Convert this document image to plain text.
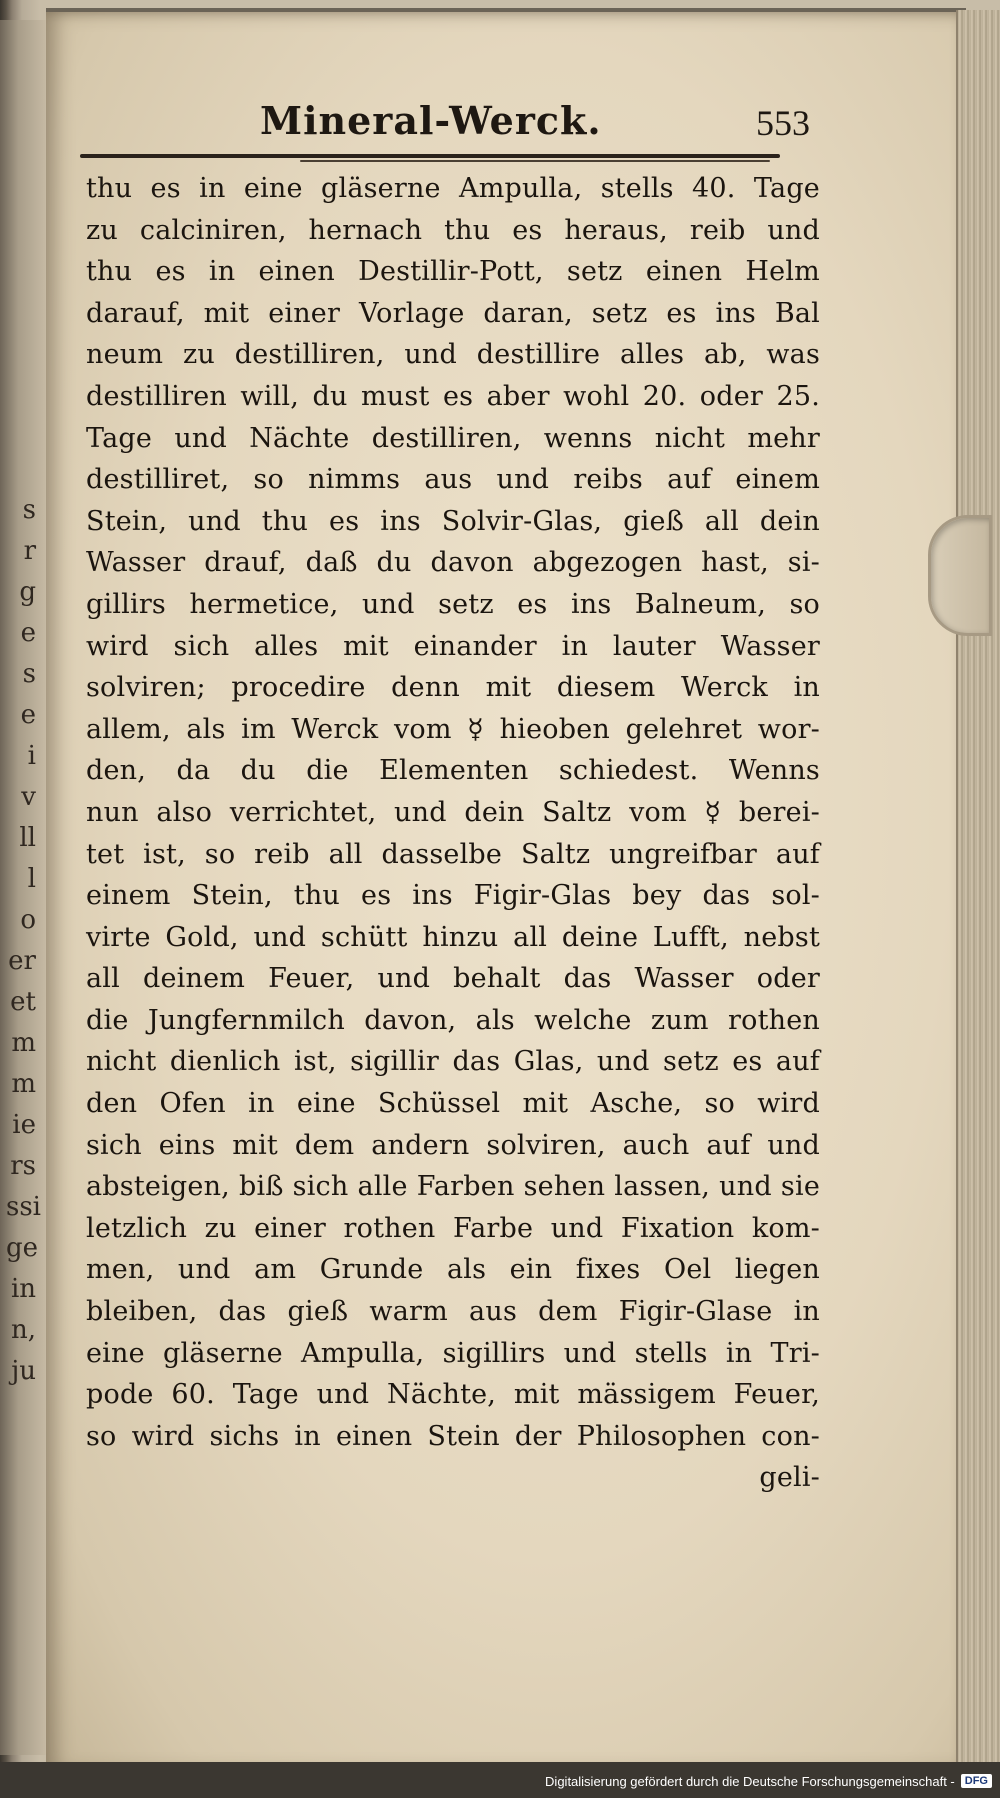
s
r
g
e
s
e
i
v
ll
l
o
er
et
m
m
ie
rs
ssi
ge
in
n,
ju
Mineral-Werck.	553
thu es in eine gläserne Ampulla, stells 40. Tage
zu calciniren, hernach thu es heraus, reib und
thu es in einen Destillir-Pott, setz einen Helm
darauf, mit einer Vorlage daran, setz es ins Bal
neum zu destilliren, und destillire alles ab, was
destilliren will, du must es aber wohl 20. oder 25.
Tage und Nächte destilliren, wenns nicht mehr
destilliret, so nimms aus und reibs auf einem
Stein, und thu es ins Solvir-Glas, gieß all dein
Wasser drauf, daß du davon abgezogen hast, si-
gillirs hermetice, und setz es ins Balneum, so
wird sich alles mit einander in lauter Wasser
solviren; procedire denn mit diesem Werck in
allem, als im Werck vom ☿ hieoben gelehret wor-
den, da du die Elementen schiedest. Wenns
nun also verrichtet, und dein Saltz vom ☿ berei-
tet ist, so reib all dasselbe Saltz ungreifbar auf
einem Stein, thu es ins Figir-Glas bey das sol-
virte Gold, und schütt hinzu all deine Lufft, nebst
all deinem Feuer, und behalt das Wasser oder
die Jungfernmilch davon, als welche zum rothen
nicht dienlich ist, sigillir das Glas, und setz es auf
den Ofen in eine Schüssel mit Asche, so wird
sich eins mit dem andern solviren, auch auf und
absteigen, biß sich alle Farben sehen lassen, und sie
letzlich zu einer rothen Farbe und Fixation kom-
men, und am Grunde als ein fixes Oel liegen
bleiben, das gieß warm aus dem Figir-Glase in
eine gläserne Ampulla, sigillirs und stells in Tri-
pode 60. Tage und Nächte, mit mässigem Feuer,
so wird sichs in einen Stein der Philosophen con-
geli-
Digitalisierung gefördert durch die Deutsche Forschungsgemeinschaft - DFG
